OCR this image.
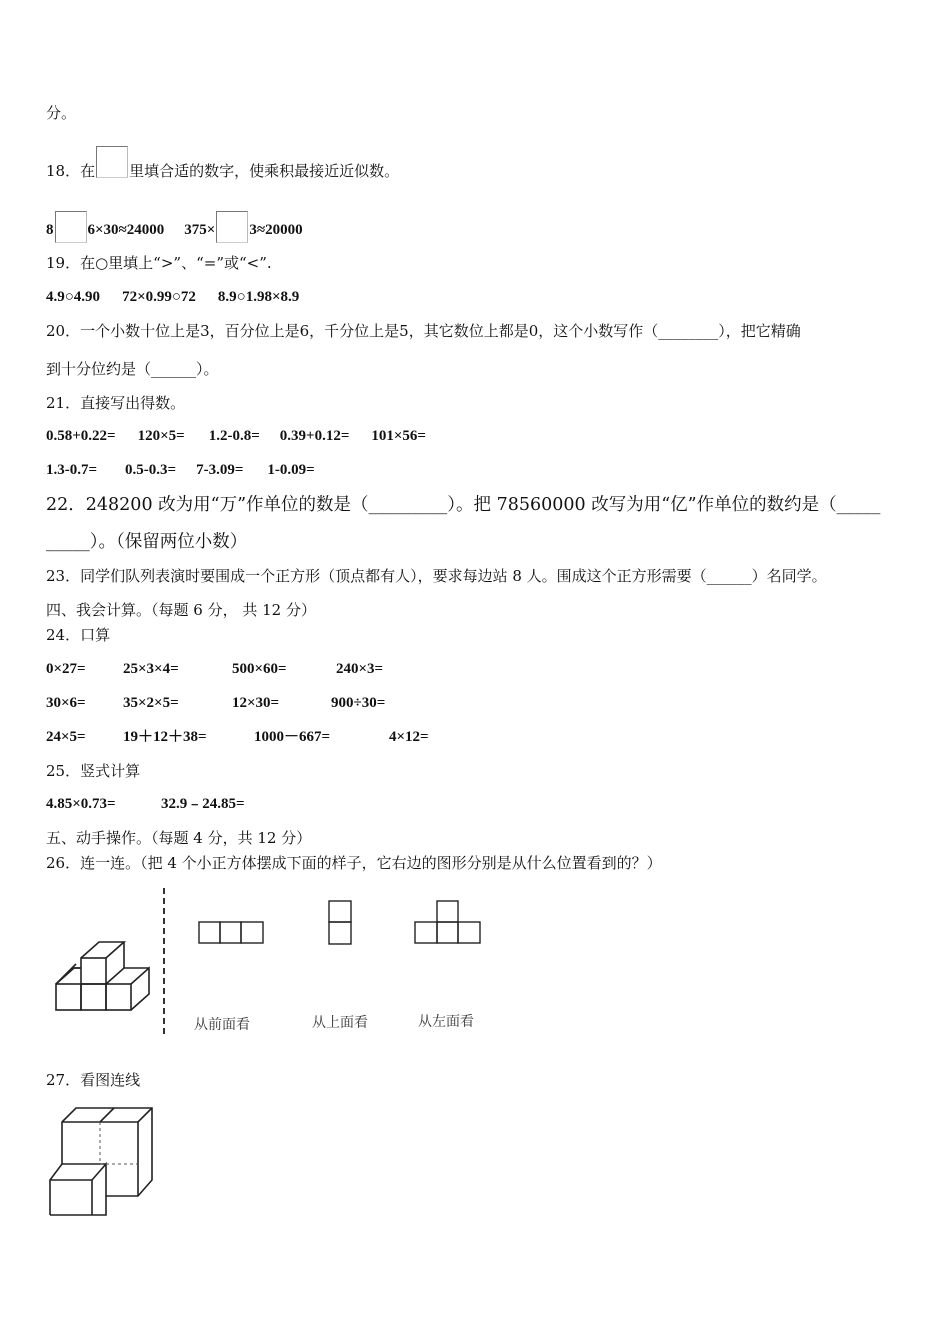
分。
18．在 里填合适的数字，使乘积最接近近似数。
8 6×30≈24000 375× 3≈20000
19．在○里填上“>”、“=”或“<”.
4.9○4.90 72×0.99○72 8.9○1.98×8.9
20．一个小数十位上是3，百分位上是6，千分位上是5，其它数位上都是0，这个小数写作（________），把它精确
到十分位约是（______）。
21．直接写出得数。
0.58+0.22= 120×5= 1.2-0.8= 0.39+0.12= 101×56=
1.3-0.7= 0.5-0.3= 7-3.09= 1-0.09=
22．248200 改为用“万”作单位的数是（_________）。把 78560000 改写为用“亿”作单位的数约是（_____
_____）。（保留两位小数）
23．同学们队列表演时要围成一个正方形（顶点都有人），要求每边站 8 人。围成这个正方形需要（______）名同学。
四、我会计算。（每题 6 分， 共 12 分）
24．口算
0×27= 25×3×4=	500×60=	240×3=
30×6= 35×2×5=	12×30=	900÷30=
24×5= 19＋12＋38=	1000－667=	4×12=
25．竖式计算
4.85×0.73=	32.9﹣24.85=
五、动手操作。（每题 4 分，共 12 分）
26．连一连。（把 4 个小正方体摆成下面的样子，它右边的图形分别是从什么位置看到的？）
从前面看	从上面看	从左面看
27．看图连线
